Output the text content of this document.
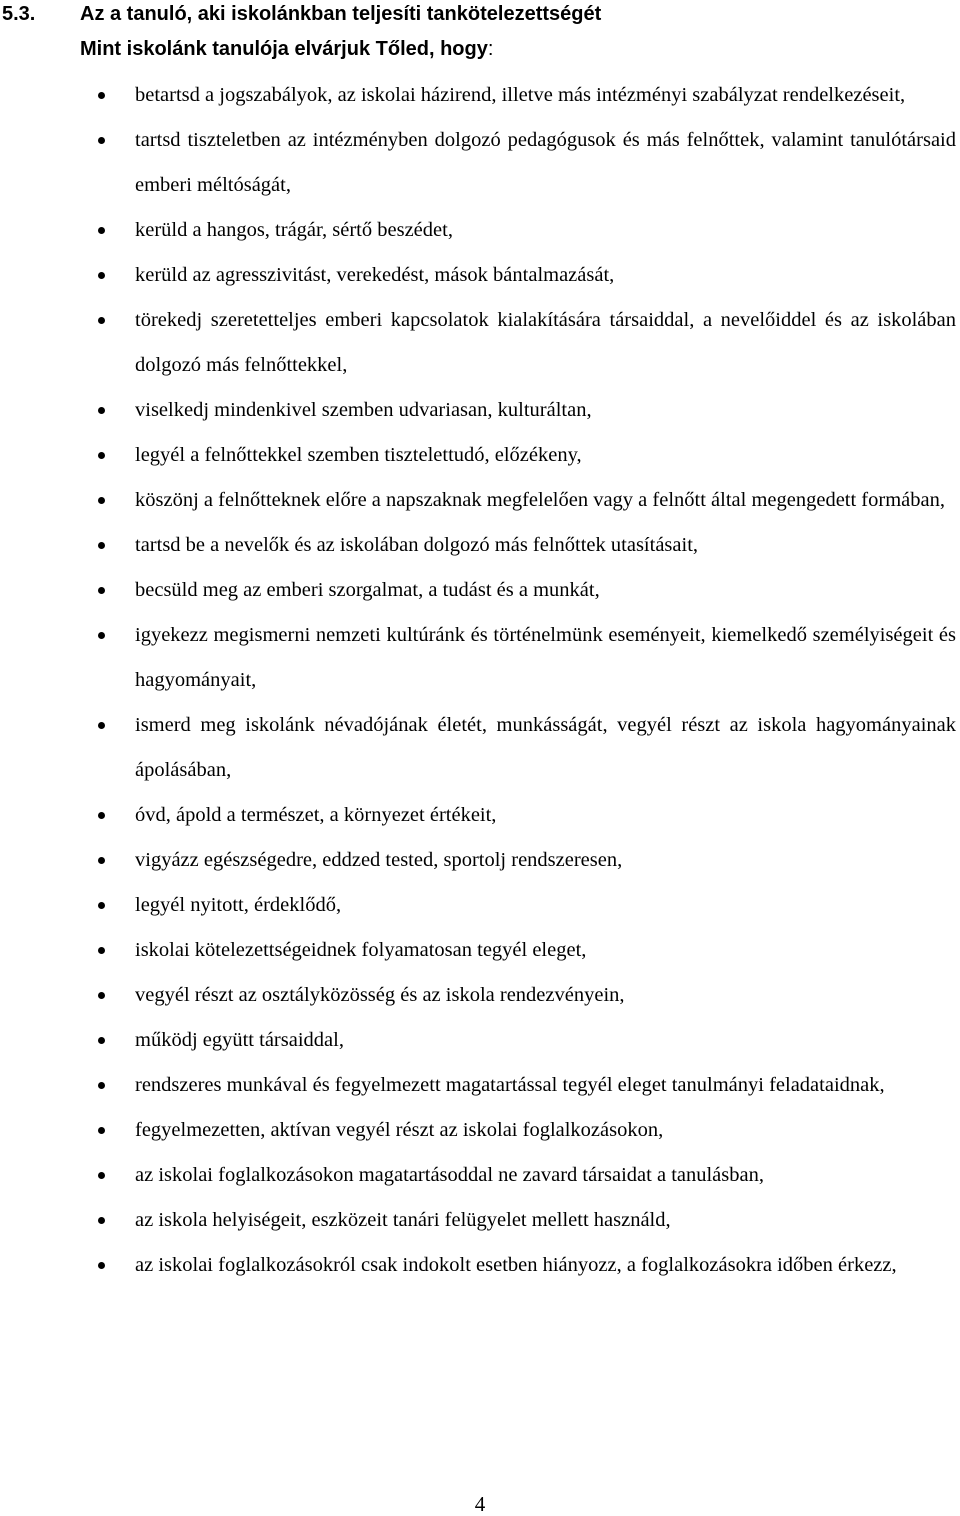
5.3. Az a tanuló, aki iskolánkban teljesíti tankötelezettségét
Mint iskolánk tanulója elvárjuk Tőled, hogy:
betartsd a jogszabályok, az iskolai házirend, illetve más intézményi szabályzat rendelkezéseit,
tartsd tiszteletben az intézményben dolgozó pedagógusok és más felnőttek, valamint tanulótársaid emberi méltóságát,
kerüld a hangos, trágár, sértő beszédet,
kerüld az agresszivitást, verekedést, mások bántalmazását,
törekedj szeretetteljes emberi kapcsolatok kialakítására társaiddal, a nevelőiddel és az iskolában dolgozó más felnőttekkel,
viselkedj mindenkivel szemben udvariasan, kulturáltan,
legyél a felnőttekkel szemben tisztelettudó, előzékeny,
köszönj a felnőtteknek előre a napszaknak megfelelően vagy a felnőtt által megengedett formában,
tartsd be a nevelők és az iskolában dolgozó más felnőttek utasításait,
becsüld meg az emberi szorgalmat, a tudást és a munkát,
igyekezz megismerni nemzeti kultúránk és történelmünk eseményeit, kiemelkedő személyiségeit és hagyományait,
ismerd meg iskolánk névadójának életét, munkásságát, vegyél részt az iskola hagyományainak ápolásában,
óvd, ápold a természet, a környezet értékeit,
vigyázz egészségedre, eddzed tested, sportolj rendszeresen,
legyél nyitott, érdeklődő,
iskolai kötelezettségeidnek folyamatosan tegyél eleget,
vegyél részt az osztályközösség és az iskola rendezvényein,
működj együtt társaiddal,
rendszeres munkával és fegyelmezett magatartással tegyél eleget tanulmányi feladataidnak,
fegyelmezetten, aktívan vegyél részt az iskolai foglalkozásokon,
az iskolai foglalkozásokon magatartásoddal ne zavard társaidat a tanulásban,
az iskola helyiségeit, eszközeit tanári felügyelet mellett használd,
az iskolai foglalkozásokról csak indokolt esetben hiányozz, a foglalkozásokra időben érkezz,
4
